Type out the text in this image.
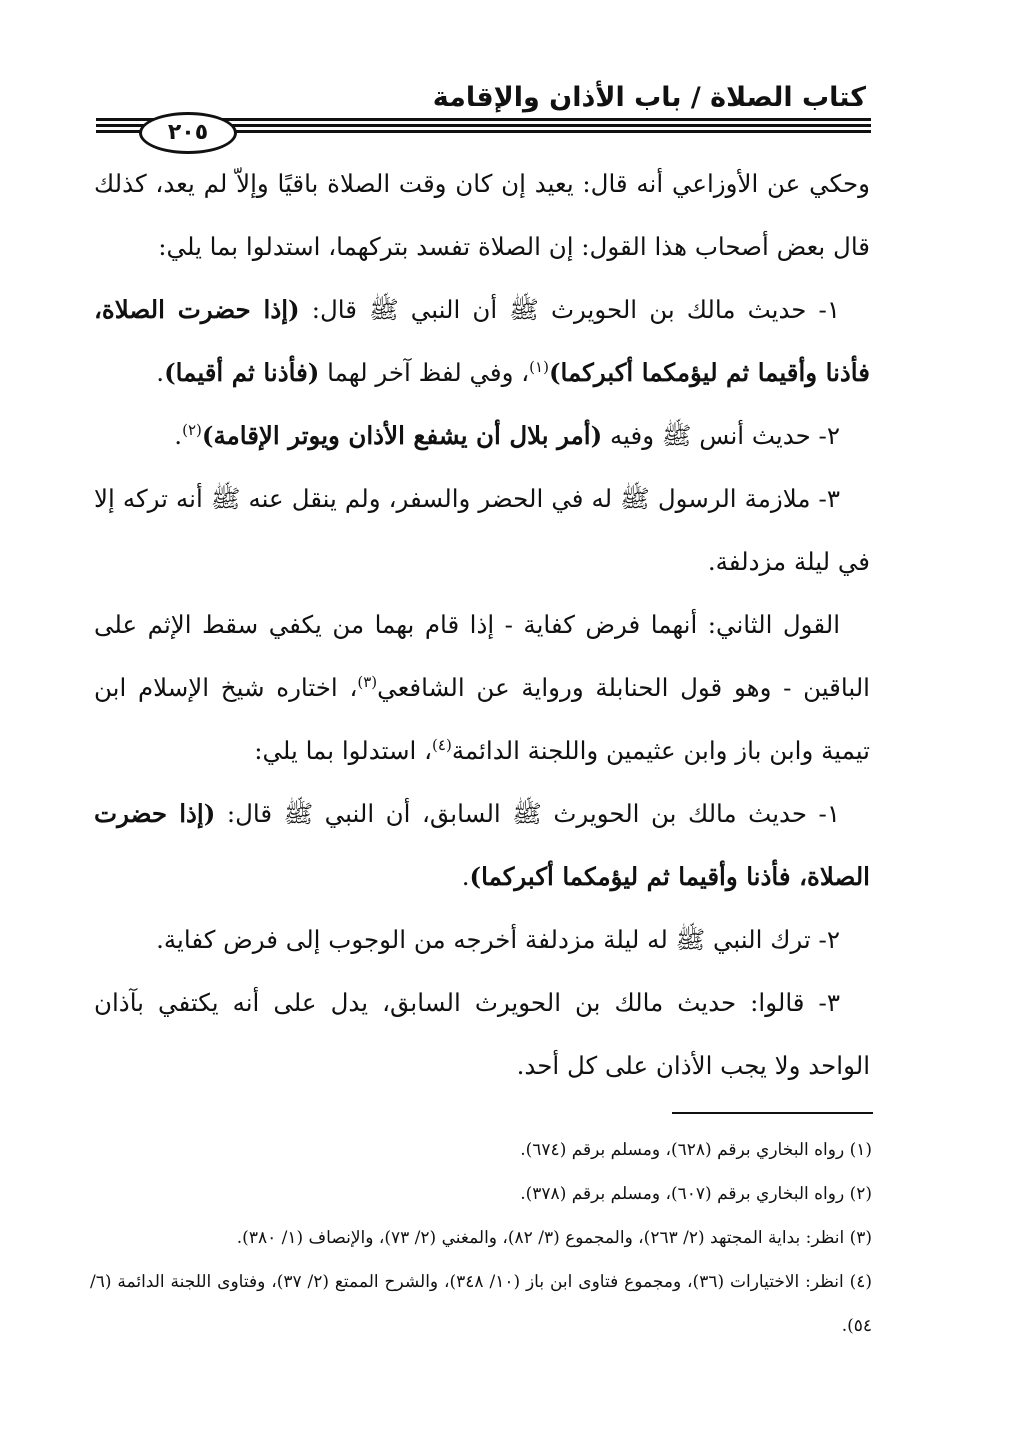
كتاب الصلاة / باب الأذان والإقامة
٢٠٥

وحكي عن الأوزاعي أنه قال: يعيد إن كان وقت الصلاة باقيًا وإلاّ لم يعد، كذلك قال بعض أصحاب هذا القول: إن الصلاة تفسد بتركهما، استدلوا بما يلي:

١- حديث مالك بن الحويرث ﷺ أن النبي ﷺ قال: (إذا حضرت الصلاة، فأذنا وأقيما ثم ليؤمكما أكبركما)$^{(١)}$، وفي لفظ آخر لهما (فأذنا ثم أقيما).

٢- حديث أنس ﷺ وفيه (أمر بلال أن يشفع الأذان ويوتر الإقامة)$^{(٢)}$.

٣- ملازمة الرسول ﷺ له في الحضر والسفر، ولم ينقل عنه ﷺ أنه تركه إلا في ليلة مزدلفة.

القول الثاني: أنهما فرض كفاية - إذا قام بهما من يكفي سقط الإثم على الباقين - وهو قول الحنابلة ورواية عن الشافعي$^{(٣)}$، اختاره شيخ الإسلام ابن تيمية وابن باز وابن عثيمين واللجنة الدائمة$^{(٤)}$، استدلوا بما يلي:

١- حديث مالك بن الحويرث ﷺ السابق، أن النبي ﷺ قال: (إذا حضرت الصلاة، فأذنا وأقيما ثم ليؤمكما أكبركما).

٢- ترك النبي ﷺ له ليلة مزدلفة أخرجه من الوجوب إلى فرض كفاية.

٣- قالوا: حديث مالك بن الحويرث السابق، يدل على أنه يكتفي بآذان الواحد ولا يجب الأذان على كل أحد.

(١) رواه البخاري برقم (٦٢٨)، ومسلم برقم (٦٧٤).

(٢) رواه البخاري برقم (٦٠٧)، ومسلم برقم (٣٧٨).

(٣) انظر: بداية المجتهد (٢/ ٢٦٣)، والمجموع (٣/ ٨٢)، والمغني (٢/ ٧٣)، والإنصاف (١/ ٣٨٠).

(٤) انظر: الاختيارات (٣٦)، ومجموع فتاوى ابن باز (١٠/ ٣٤٨)، والشرح الممتع (٢/ ٣٧)، وفتاوى اللجنة الدائمة (٦/ ٥٤).
